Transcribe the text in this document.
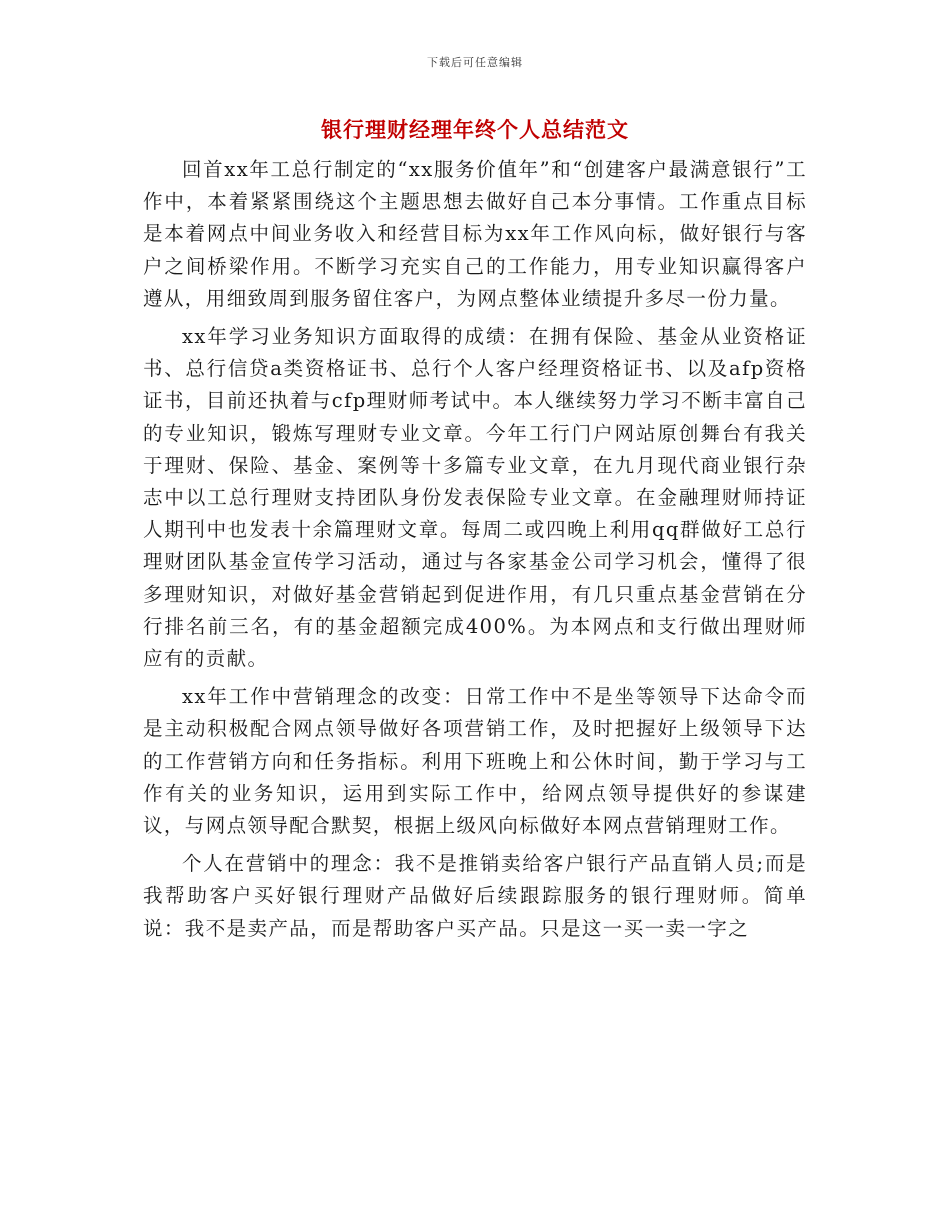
下载后可任意编辑
银行理财经理年终个人总结范文

回首xx年工总行制定的“xx服务价值年”和“创建客户最满意银行”工作中，本着紧紧围绕这个主题思想去做好自己本分事情。工作重点目标是本着网点中间业务收入和经营目标为xx年工作风向标，做好银行与客户之间桥梁作用。不断学习充实自己的工作能力，用专业知识赢得客户遵从，用细致周到服务留住客户，为网点整体业绩提升多尽一份力量。

xx年学习业务知识方面取得的成绩：在拥有保险、基金从业资格证书、总行信贷a类资格证书、总行个人客户经理资格证书、以及afp资格证书，目前还执着与cfp理财师考试中。本人继续努力学习不断丰富自己的专业知识，锻炼写理财专业文章。今年工行门户网站原创舞台有我关于理财、保险、基金、案例等十多篇专业文章，在九月现代商业银行杂志中以工总行理财支持团队身份发表保险专业文章。在金融理财师持证人期刊中也发表十余篇理财文章。每周二或四晚上利用qq群做好工总行理财团队基金宣传学习活动，通过与各家基金公司学习机会，懂得了很多理财知识，对做好基金营销起到促进作用，有几只重点基金营销在分行排名前三名，有的基金超额完成400%。为本网点和支行做出理财师应有的贡献。

xx年工作中营销理念的改变：日常工作中不是坐等领导下达命令而是主动积极配合网点领导做好各项营销工作，及时把握好上级领导下达的工作营销方向和任务指标。利用下班晚上和公休时间，勤于学习与工作有关的业务知识，运用到实际工作中，给网点领导提供好的参谋建议，与网点领导配合默契，根据上级风向标做好本网点营销理财工作。

个人在营销中的理念：我不是推销卖给客户银行产品直销人员;而是我帮助客户买好银行理财产品做好后续跟踪服务的银行理财师。简单说：我不是卖产品，而是帮助客户买产品。只是这一买一卖一字之
